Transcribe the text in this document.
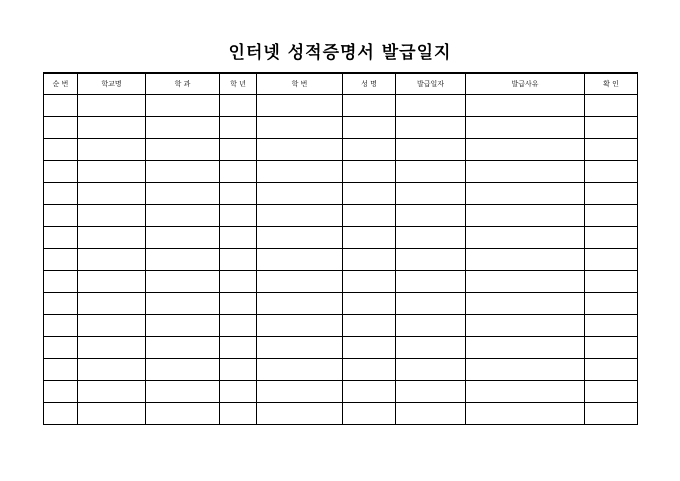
인터넷 성적증명서 발급일지
순 번	학교명	학 과	학 년	학 번	성 명	발급일자	발급사유	확 인
